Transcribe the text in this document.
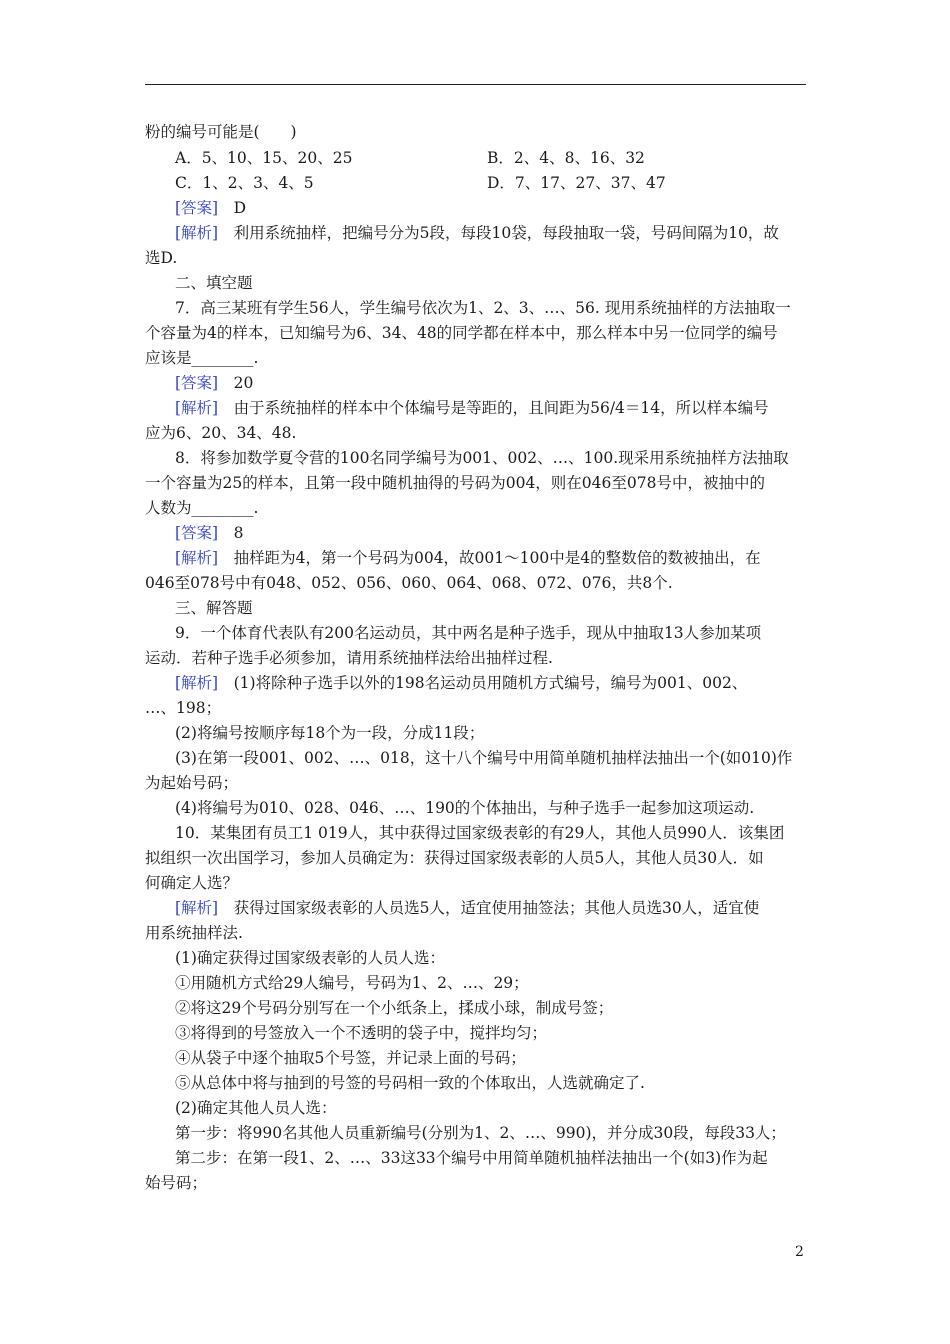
粉的编号可能是(　　)
A．5、10、15、20、25	B．2、4、8、16、32
C．1、2、3、4、5	D．7、17、27、37、47
[答案]　D
[解析]　利用系统抽样，把编号分为5段，每段10袋，每段抽取一袋，号码间隔为10，故
选D.
二、填空题
7．高三某班有学生56人，学生编号依次为1、2、3、…、56. 现用系统抽样的方法抽取一
个容量为4的样本，已知编号为6、34、48的同学都在样本中，那么样本中另一位同学的编号
应该是________.
[答案]　20
[解析]　由于系统抽样的样本中个体编号是等距的，且间距为56/4＝14，所以样本编号
应为6、20、34、48.
8．将参加数学夏令营的100名同学编号为001、002、…、100.现采用系统抽样方法抽取
一个容量为25的样本，且第一段中随机抽得的号码为004，则在046至078号中，被抽中的
人数为________.
[答案]　8
[解析]　抽样距为4，第一个号码为004，故001～100中是4的整数倍的数被抽出，在
046至078号中有048、052、056、060、064、068、072、076，共8个.
三、解答题
9．一个体育代表队有200名运动员，其中两名是种子选手，现从中抽取13人参加某项
运动．若种子选手必须参加，请用系统抽样法给出抽样过程.
[解析]　(1)将除种子选手以外的198名运动员用随机方式编号，编号为001、002、
…、198；
(2)将编号按顺序每18个为一段，分成11段；
(3)在第一段001、002、…、018，这十八个编号中用简单随机抽样法抽出一个(如010)作
为起始号码；
(4)将编号为010、028、046、…、190的个体抽出，与种子选手一起参加这项运动.
10．某集团有员工1 019人，其中获得过国家级表彰的有29人，其他人员990人．该集团
拟组织一次出国学习，参加人员确定为：获得过国家级表彰的人员5人，其他人员30人．如
何确定人选？
[解析]　获得过国家级表彰的人员选5人，适宜使用抽签法；其他人员选30人，适宜使
用系统抽样法.
(1)确定获得过国家级表彰的人员人选：
①用随机方式给29人编号，号码为1、2、…、29；
②将这29个号码分别写在一个小纸条上，揉成小球，制成号签；
③将得到的号签放入一个不透明的袋子中，搅拌均匀；
④从袋子中逐个抽取5个号签，并记录上面的号码；
⑤从总体中将与抽到的号签的号码相一致的个体取出，人选就确定了.
(2)确定其他人员人选：
第一步：将990名其他人员重新编号(分别为1、2、…、990)，并分成30段，每段33人；
第二步：在第一段1、2、…、33这33个编号中用简单随机抽样法抽出一个(如3)作为起
始号码；
2
